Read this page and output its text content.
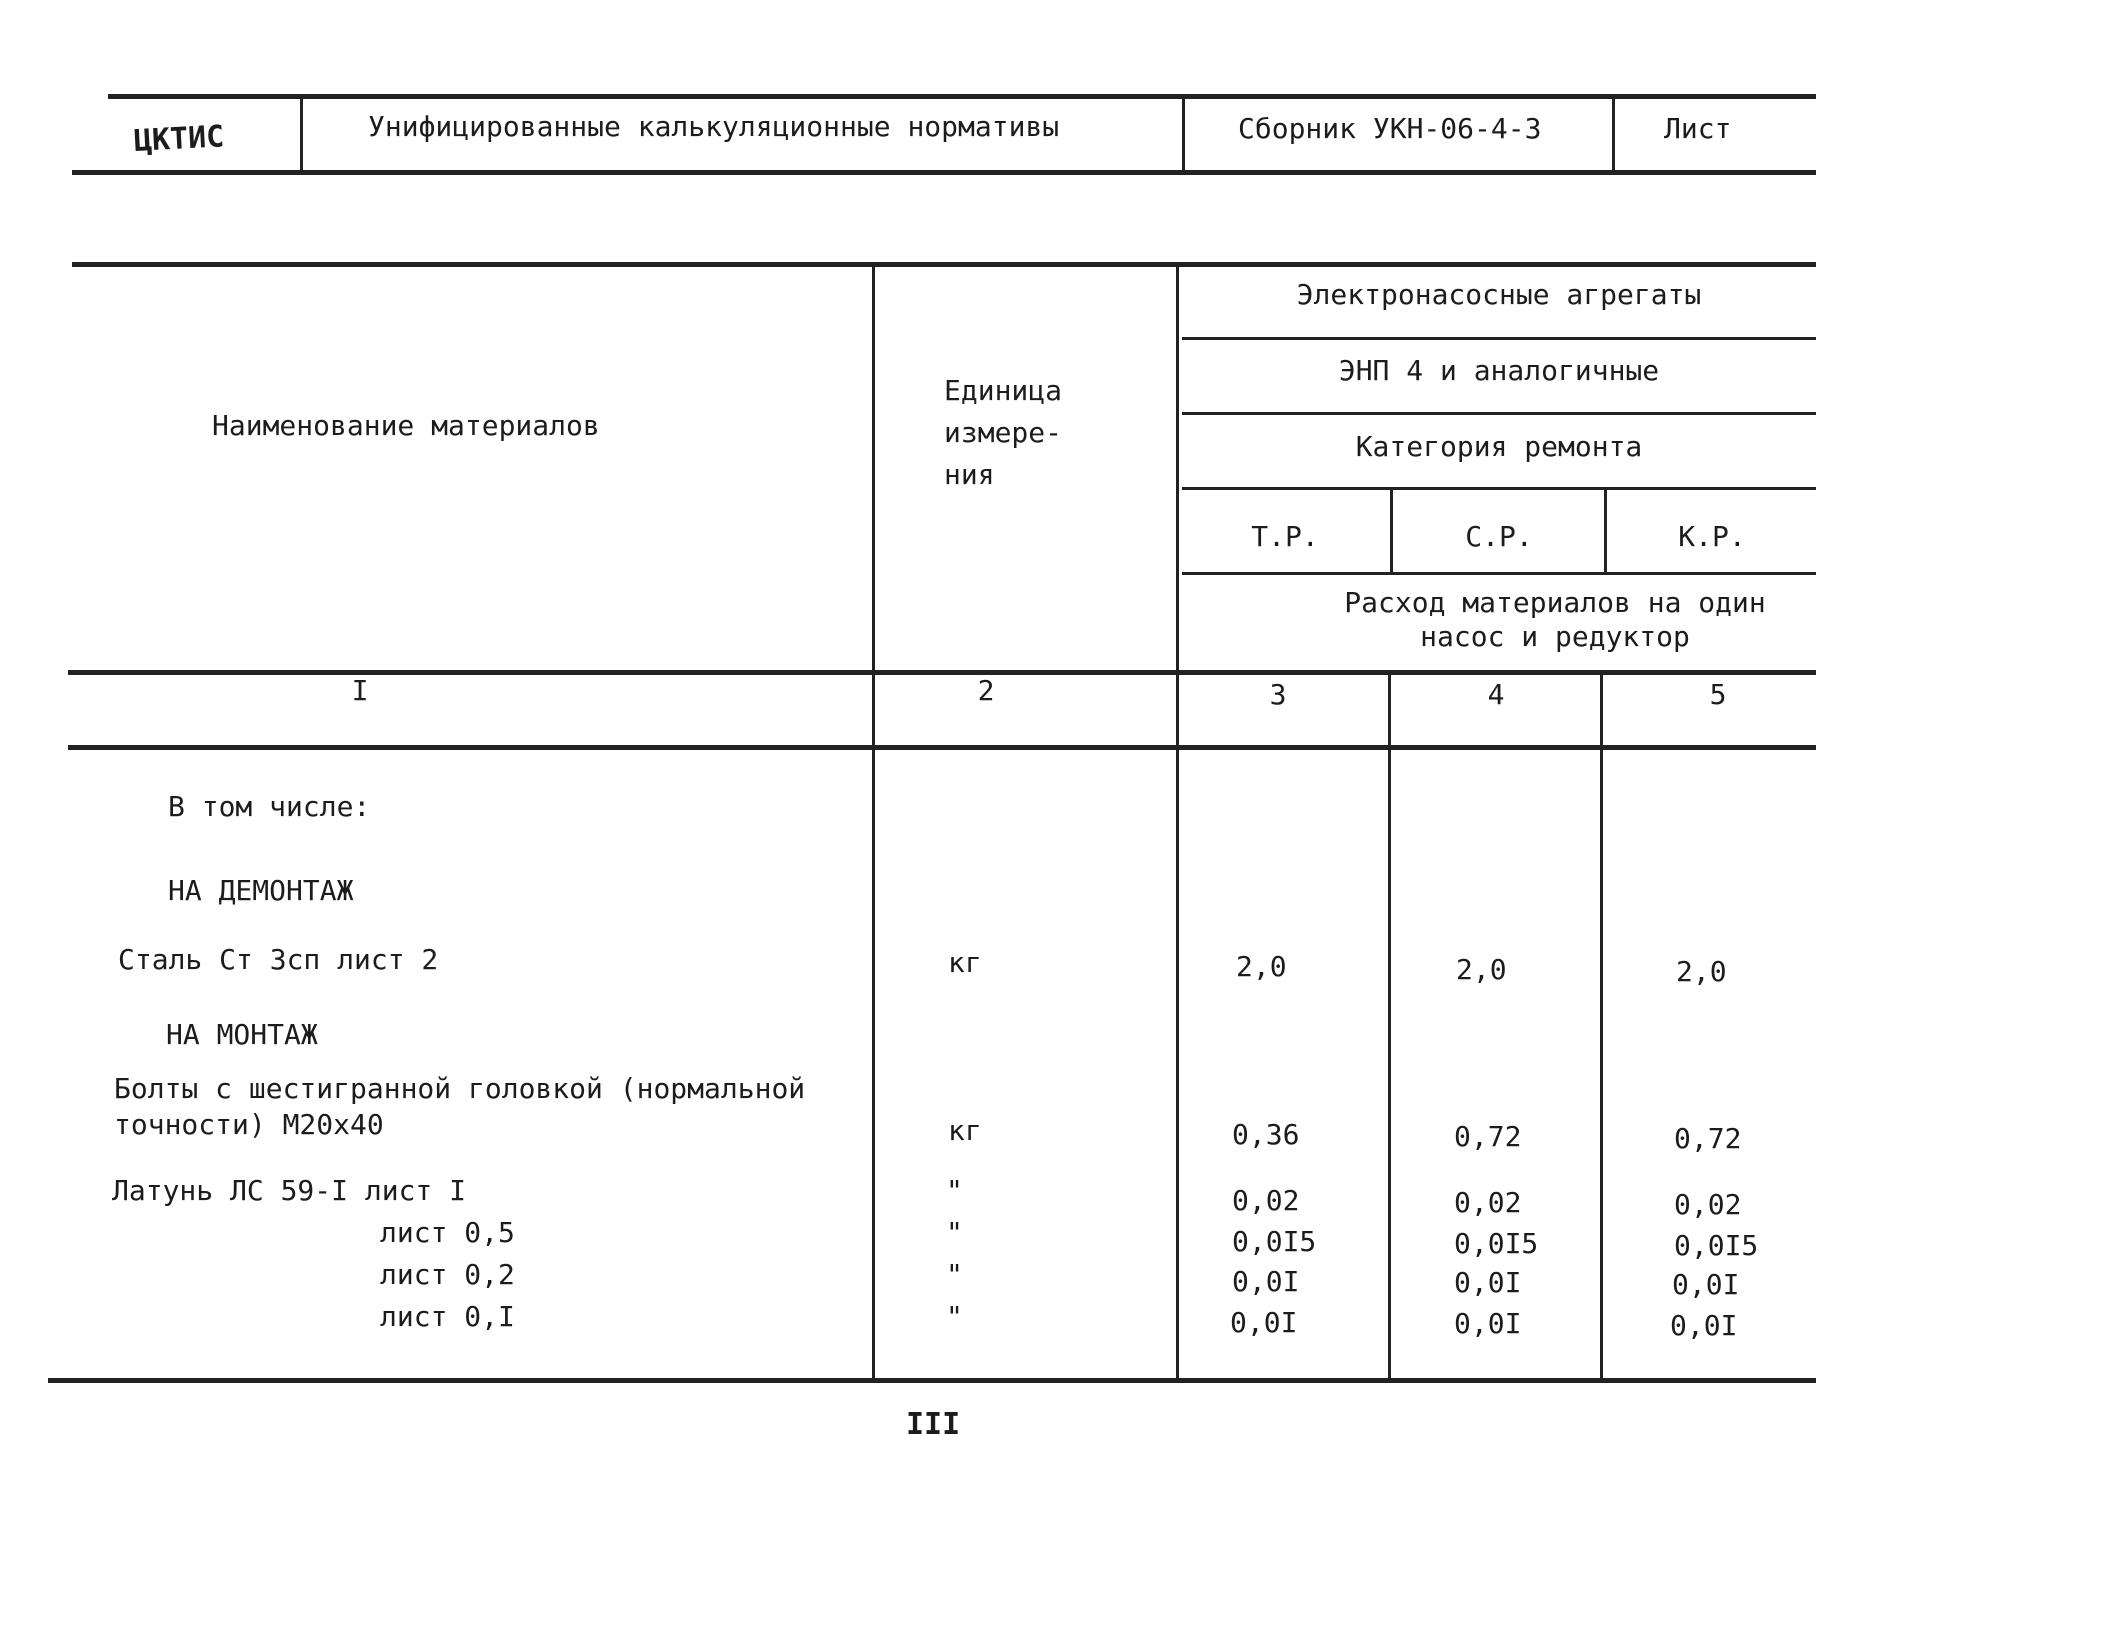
ЦКТИС	Унифицированные калькуляционные нормативы	Сборник УКН-06-4-3	Лист
Наименование материалов
Единица
измере-
ния
Электронасосные агрегаты
ЭНП 4 и аналогичные
Категория ремонта
Т.Р.	С.Р.	К.Р.
Расход материалов на один
насос и редуктор
I	2	3	4	5
В том числе:
НА ДЕМОНТАЖ
НА МОНТАЖ
Сталь Ст 3сп лист 2	кг	2,0	2,0	2,0
Болты с шестигранной головкой (нормальной
точности) М20х40	кг	0,36	0,72	0,72
Латунь ЛС 59-I лист I	"	0,02	0,02	0,02
лист 0,5	"	0,0I5	0,0I5	0,0I5
лист 0,2	"	0,0I	0,0I	0,0I
лист 0,I	"	0,0I	0,0I	0,0I
III
